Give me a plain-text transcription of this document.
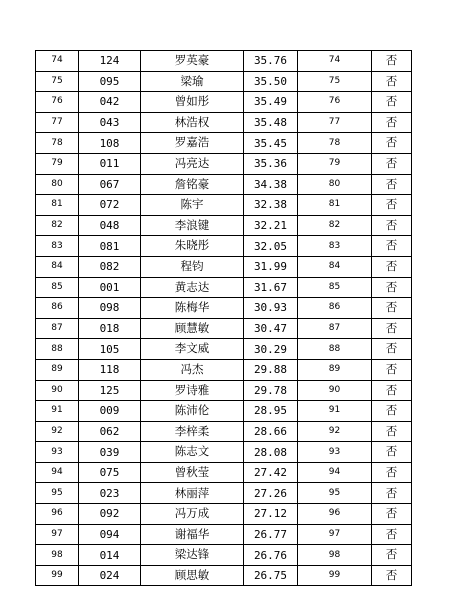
74	124	罗英豪	35.76	74	否
75	095	梁瑜	35.50	75	否
76	042	曾如彤	35.49	76	否
77	043	林浩权	35.48	77	否
78	108	罗嘉浩	35.45	78	否
79	011	冯亮达	35.36	79	否
80	067	詹铭豪	34.38	80	否
81	072	陈宇	32.38	81	否
82	048	李浪键	32.21	82	否
83	081	朱晓彤	32.05	83	否
84	082	程钧	31.99	84	否
85	001	黄志达	31.67	85	否
86	098	陈梅华	30.93	86	否
87	018	顾慧敏	30.47	87	否
88	105	李文威	30.29	88	否
89	118	冯杰	29.88	89	否
90	125	罗诗雅	29.78	90	否
91	009	陈沛伦	28.95	91	否
92	062	李梓柔	28.66	92	否
93	039	陈志文	28.08	93	否
94	075	曾秋莹	27.42	94	否
95	023	林丽萍	27.26	95	否
96	092	冯万成	27.12	96	否
97	094	谢福华	26.77	97	否
98	014	梁达锋	26.76	98	否
99	024	顾思敏	26.75	99	否
